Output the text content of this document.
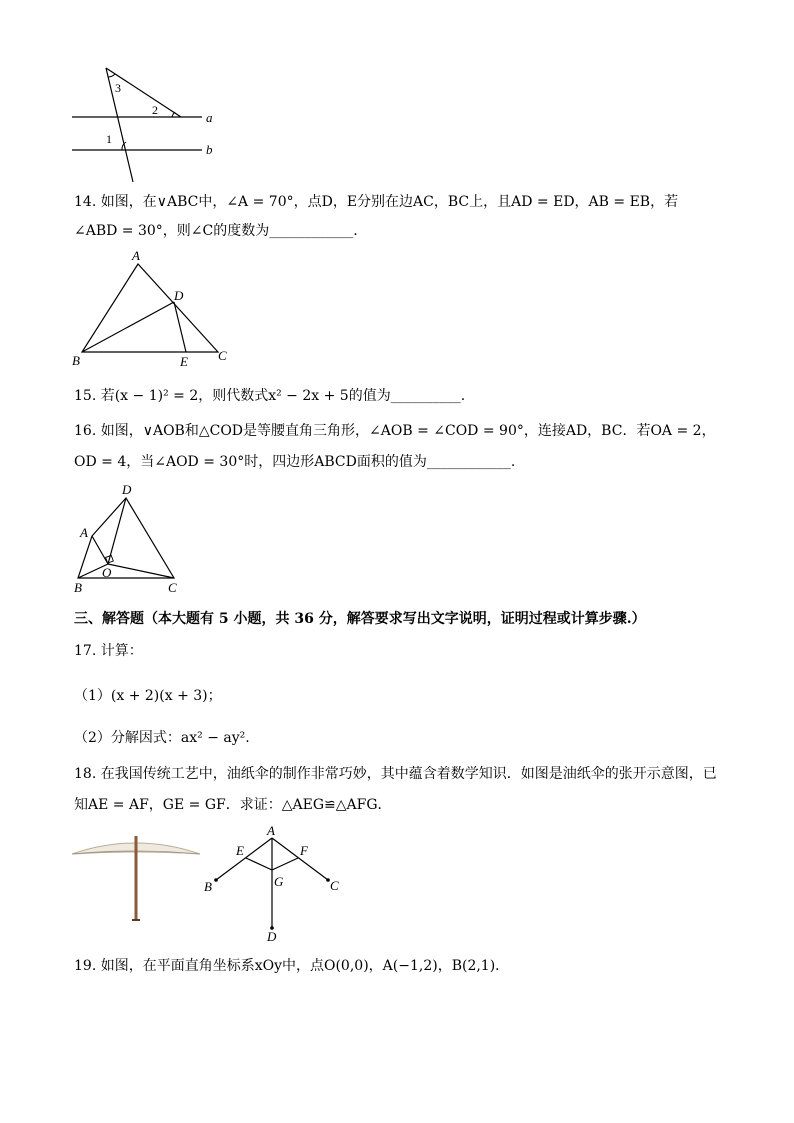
3
2
1
a
b
14. 如图，在∨ABC中，∠A = 70°，点D，E分别在边AC，BC上，且AD = ED，AB = EB，若
∠ABD = 30°，则∠C的度数为____________.
A
D
B	E C
15. 若(x − 1)² = 2，则代数式x² − 2x + 5的值为__________.
16. 如图，∨AOB和△COD是等腰直角三角形，∠AOB = ∠COD = 90°，连接AD，BC．若OA = 2，
OD = 4，当∠AOD = 30°时，四边形ABCD面积的值为____________.
D
A
O
B	C
三、解答题（本大题有 5 小题，共 36 分，解答要求写出文字说明，证明过程或计算步骤.）
17. 计算：
（1）(x + 2)(x + 3)；
（2）分解因式：ax² − ay².
18. 在我国传统工艺中，油纸伞的制作非常巧妙，其中蕴含着数学知识．如图是油纸伞的张开示意图，已
知AE = AF，GE = GF．求证：△AEG≌△AFG．
A
E	F
G
B	C
D
19. 如图，在平面直角坐标系xOy中，点O(0,0)，A(−1,2)，B(2,1)．
